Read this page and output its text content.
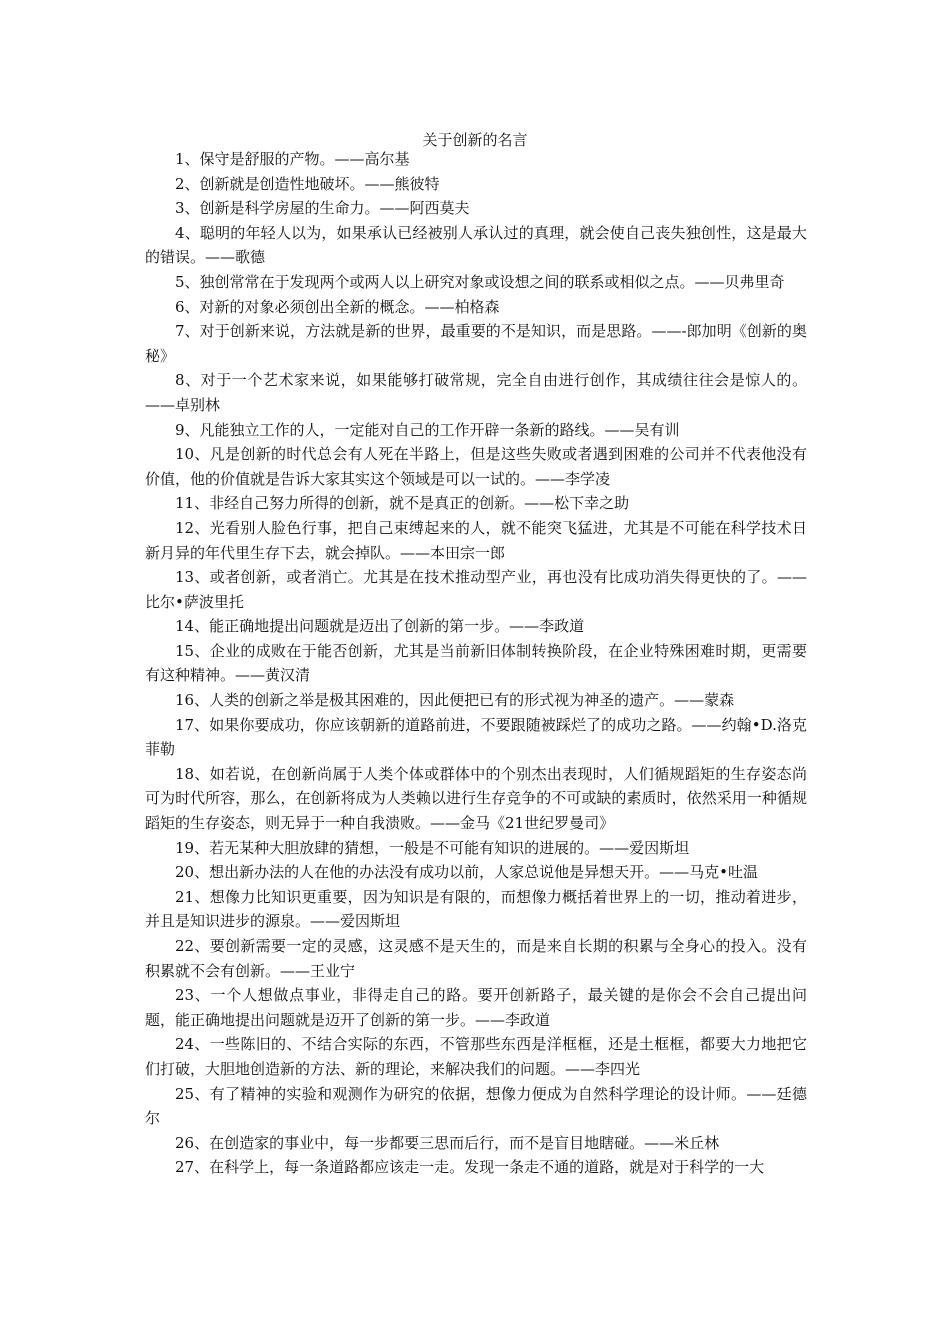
关于创新的名言

1、保守是舒服的产物。——高尔基

2、创新就是创造性地破坏。——熊彼特

3、创新是科学房屋的生命力。——阿西莫夫

4、聪明的年轻人以为，如果承认已经被别人承认过的真理，就会使自己丧失独创性，这是最大的错误。——歌德

5、独创常常在于发现两个或两人以上研究对象或设想之间的联系或相似之点。——贝弗里奇

6、对新的对象必须创出全新的概念。——柏格森

7、对于创新来说，方法就是新的世界，最重要的不是知识，而是思路。——-郎加明《创新的奥秘》

8、对于一个艺术家来说，如果能够打破常规，完全自由进行创作，其成绩往往会是惊人的。——卓别林

9、凡能独立工作的人，一定能对自己的工作开辟一条新的路线。——吴有训

10、凡是创新的时代总会有人死在半路上，但是这些失败或者遇到困难的公司并不代表他没有价值，他的价值就是告诉大家其实这个领域是可以一试的。——李学凌

11、非经自己努力所得的创新，就不是真正的创新。——松下幸之助

12、光看别人脸色行事，把自己束缚起来的人，就不能突飞猛进，尤其是不可能在科学技术日新月异的年代里生存下去，就会掉队。——本田宗一郎

13、或者创新，或者消亡。尤其是在技术推动型产业，再也没有比成功消失得更快的了。——比尔•萨波里托

14、能正确地提出问题就是迈出了创新的第一步。——李政道

15、企业的成败在于能否创新，尤其是当前新旧体制转换阶段，在企业特殊困难时期，更需要有这种精神。——黄汉清

16、人类的创新之举是极其困难的，因此便把已有的形式视为神圣的遗产。——蒙森

17、如果你要成功，你应该朝新的道路前进，不要跟随被踩烂了的成功之路。——约翰•D.洛克菲勒

18、如若说，在创新尚属于人类个体或群体中的个别杰出表现时，人们循规蹈矩的生存姿态尚可为时代所容，那么，在创新将成为人类赖以进行生存竞争的不可或缺的素质时，依然采用一种循规蹈矩的生存姿态，则无异于一种自我溃败。——金马《21世纪罗曼司》

19、若无某种大胆放肆的猜想，一般是不可能有知识的进展的。——爱因斯坦

20、想出新办法的人在他的办法没有成功以前，人家总说他是异想天开。——马克•吐温

21、想像力比知识更重要，因为知识是有限的，而想像力概括着世界上的一切，推动着进步，并且是知识进步的源泉。——爱因斯坦

22、要创新需要一定的灵感，这灵感不是天生的，而是来自长期的积累与全身心的投入。没有积累就不会有创新。——王业宁

23、一个人想做点事业，非得走自己的路。要开创新路子，最关键的是你会不会自己提出问题，能正确地提出问题就是迈开了创新的第一步。——李政道

24、一些陈旧的、不结合实际的东西，不管那些东西是洋框框，还是土框框，都要大力地把它们打破，大胆地创造新的方法、新的理论，来解决我们的问题。——李四光

25、有了精神的实验和观测作为研究的依据，想像力便成为自然科学理论的设计师。——廷德尔

26、在创造家的事业中，每一步都要三思而后行，而不是盲目地瞎碰。——米丘林

27、在科学上，每一条道路都应该走一走。发现一条走不通的道路，就是对于科学的一大
